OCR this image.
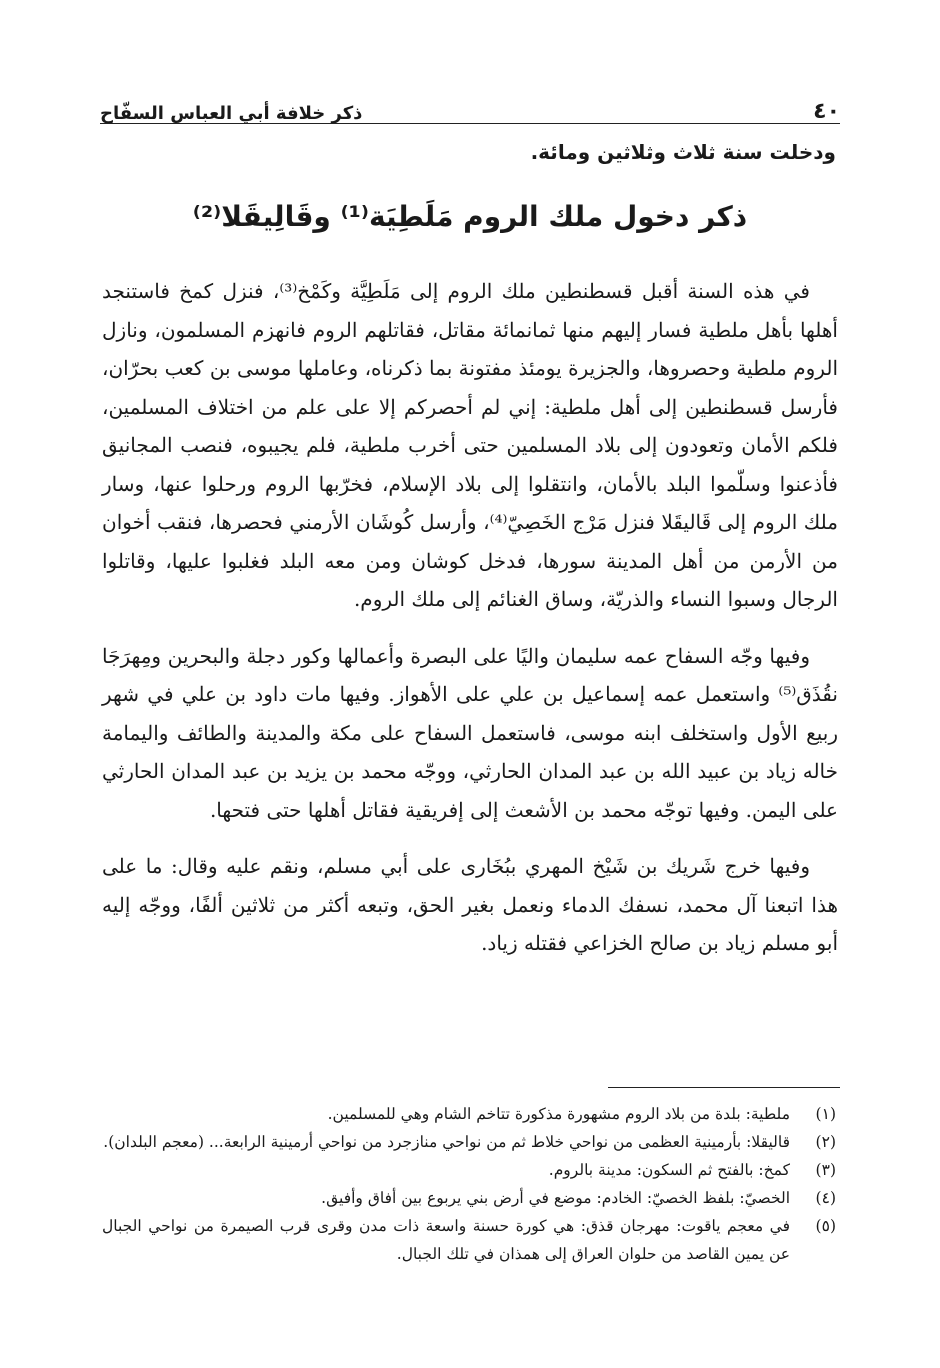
٤٠
ذكر خلافة أبي العباس السفّاح
ودخلت سنة ثلاث وثلاثين ومائة.
ذكر دخول ملك الروم مَلَطِيَة⁽¹⁾ وقَالِيقَلا⁽²⁾

في هذه السنة أقبل قسطنطين ملك الروم إلى مَلَطِيَّة وكَمْخ⁽³⁾، فنزل كمخ فاستنجد أهلها بأهل ملطية فسار إليهم منها ثمانمائة مقاتل، فقاتلهم الروم فانهزم المسلمون، ونازل الروم ملطية وحصروها، والجزيرة يومئذ مفتونة بما ذكرناه، وعاملها موسى بن كعب بحرّان، فأرسل قسطنطين إلى أهل ملطية: إني لم أحصركم إلا على علم من اختلاف المسلمين، فلكم الأمان وتعودون إلى بلاد المسلمين حتى أخرب ملطية، فلم يجيبوه، فنصب المجانيق فأذعنوا وسلّموا البلد بالأمان، وانتقلوا إلى بلاد الإسلام، فخرّبها الروم ورحلوا عنها، وسار ملك الروم إلى قَاليقَلا فنزل مَرْج الخَصِيّ⁽⁴⁾، وأرسل كُوشَان الأرمني فحصرها، فنقب أخوان من الأرمن من أهل المدينة سورها، فدخل كوشان ومن معه البلد فغلبوا عليها، وقاتلوا الرجال وسبوا النساء والذريّة، وساق الغنائم إلى ملك الروم.

وفيها وجّه السفاح عمه سليمان واليًا على البصرة وأعمالها وكور دجلة والبحرين ومِهرَجَا نقُذَق⁽⁵⁾ واستعمل عمه إسماعيل بن علي على الأهواز. وفيها مات داود بن علي في شهر ربيع الأول واستخلف ابنه موسى، فاستعمل السفاح على مكة والمدينة والطائف واليمامة خاله زياد بن عبيد الله بن عبد المدان الحارثي، ووجّه محمد بن يزيد بن عبد المدان الحارثي على اليمن. وفيها توجّه محمد بن الأشعث إلى إفريقية فقاتل أهلها حتى فتحها.

وفيها خرج شَريك بن شَيْخ المهري ببُخَارى على أبي مسلم، ونقم عليه وقال: ما على هذا اتبعنا آل محمد، نسفك الدماء ونعمل بغير الحق، وتبعه أكثر من ثلاثين ألفًا، ووجّه إليه أبو مسلم زياد بن صالح الخزاعي فقتله زياد.

(١)
ملطية: بلدة من بلاد الروم مشهورة مذكورة تتاخم الشام وهي للمسلمين.
(٢)
قاليقلا: بأرمينية العظمى من نواحي خلاط ثم من نواحي منازجرد من نواحي أرمينية الرابعة... (معجم البلدان).
(٣)
كمخ: بالفتح ثم السكون: مدينة بالروم.
(٤)
الخصيّ: بلفظ الخصيّ: الخادم: موضع في أرض بني يربوع بين أفاق وأفيق.
(٥)
في معجم ياقوت: مهرجان قذق: هي كورة حسنة واسعة ذات مدن وقرى قرب الصيمرة من نواحي الجبال عن يمين القاصد من حلوان العراق إلى همذان في تلك الجبال.
